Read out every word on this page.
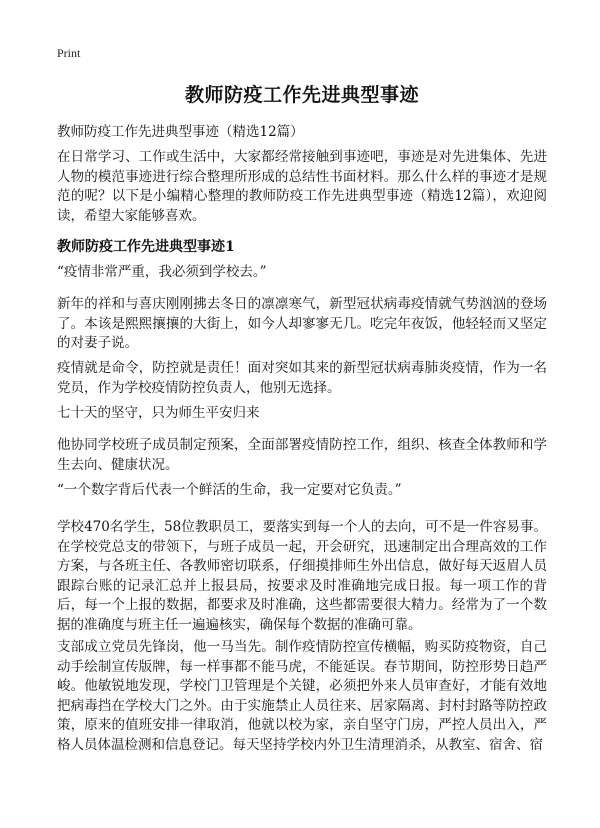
Print
教师防疫工作先进典型事迹
教师防疫工作先进典型事迹（精选12篇）

在日常学习、工作或生活中，大家都经常接触到事迹吧，事迹是对先进集体、先进人物的模范事迹进行综合整理所形成的总结性书面材料。那么什么样的事迹才是规范的呢？以下是小编精心整理的教师防疫工作先进典型事迹（精选12篇），欢迎阅读，希望大家能够喜欢。

教师防疫工作先进典型事迹1

“疫情非常严重，我必须到学校去。”

新年的祥和与喜庆刚刚拂去冬日的凛凛寒气，新型冠状病毒疫情就气势汹汹的登场了。本该是熙熙攘攘的大街上，如今人却寥寥无几。吃完年夜饭，他轻轻而又坚定的对妻子说。

疫情就是命令，防控就是责任！面对突如其来的新型冠状病毒肺炎疫情，作为一名党员，作为学校疫情防控负责人，他别无选择。

七十天的坚守，只为师生平安归来

他协同学校班子成员制定预案，全面部署疫情防控工作，组织、核查全体教师和学生去向、健康状况。

“一个数字背后代表一个鲜活的生命，我一定要对它负责。”

学校470名学生，58位教职员工，要落实到每一个人的去向，可不是一件容易事。在学校党总支的带领下，与班子成员一起，开会研究，迅速制定出合理高效的工作方案，与各班主任、各教师密切联系，仔细摸排师生外出信息，做好每天返眉人员跟踪台账的记录汇总并上报县局，按要求及时准确地完成日报。每一项工作的背后，每一个上报的数据，都要求及时准确，这些都需要很大精力。经常为了一个数据的准确度与班主任一遍遍核实，确保每个数据的准确可靠。

支部成立党员先锋岗，他一马当先。制作疫情防控宣传横幅，购买防疫物资，自己动手绘制宣传版牌，每一样事都不能马虎，不能延误。春节期间，防控形势日趋严峻。他敏锐地发现，学校门卫管理是个关键，必须把外来人员审查好，才能有效地把病毒挡在学校大门之外。由于实施禁止人员往来、居家隔离、封村封路等防控政策，原来的值班安排一律取消，他就以校为家，亲自坚守门房，严控人员出入，严格人员体温检测和信息登记。每天坚持学校内外卫生清理消杀，从教室、宿舍、宿
